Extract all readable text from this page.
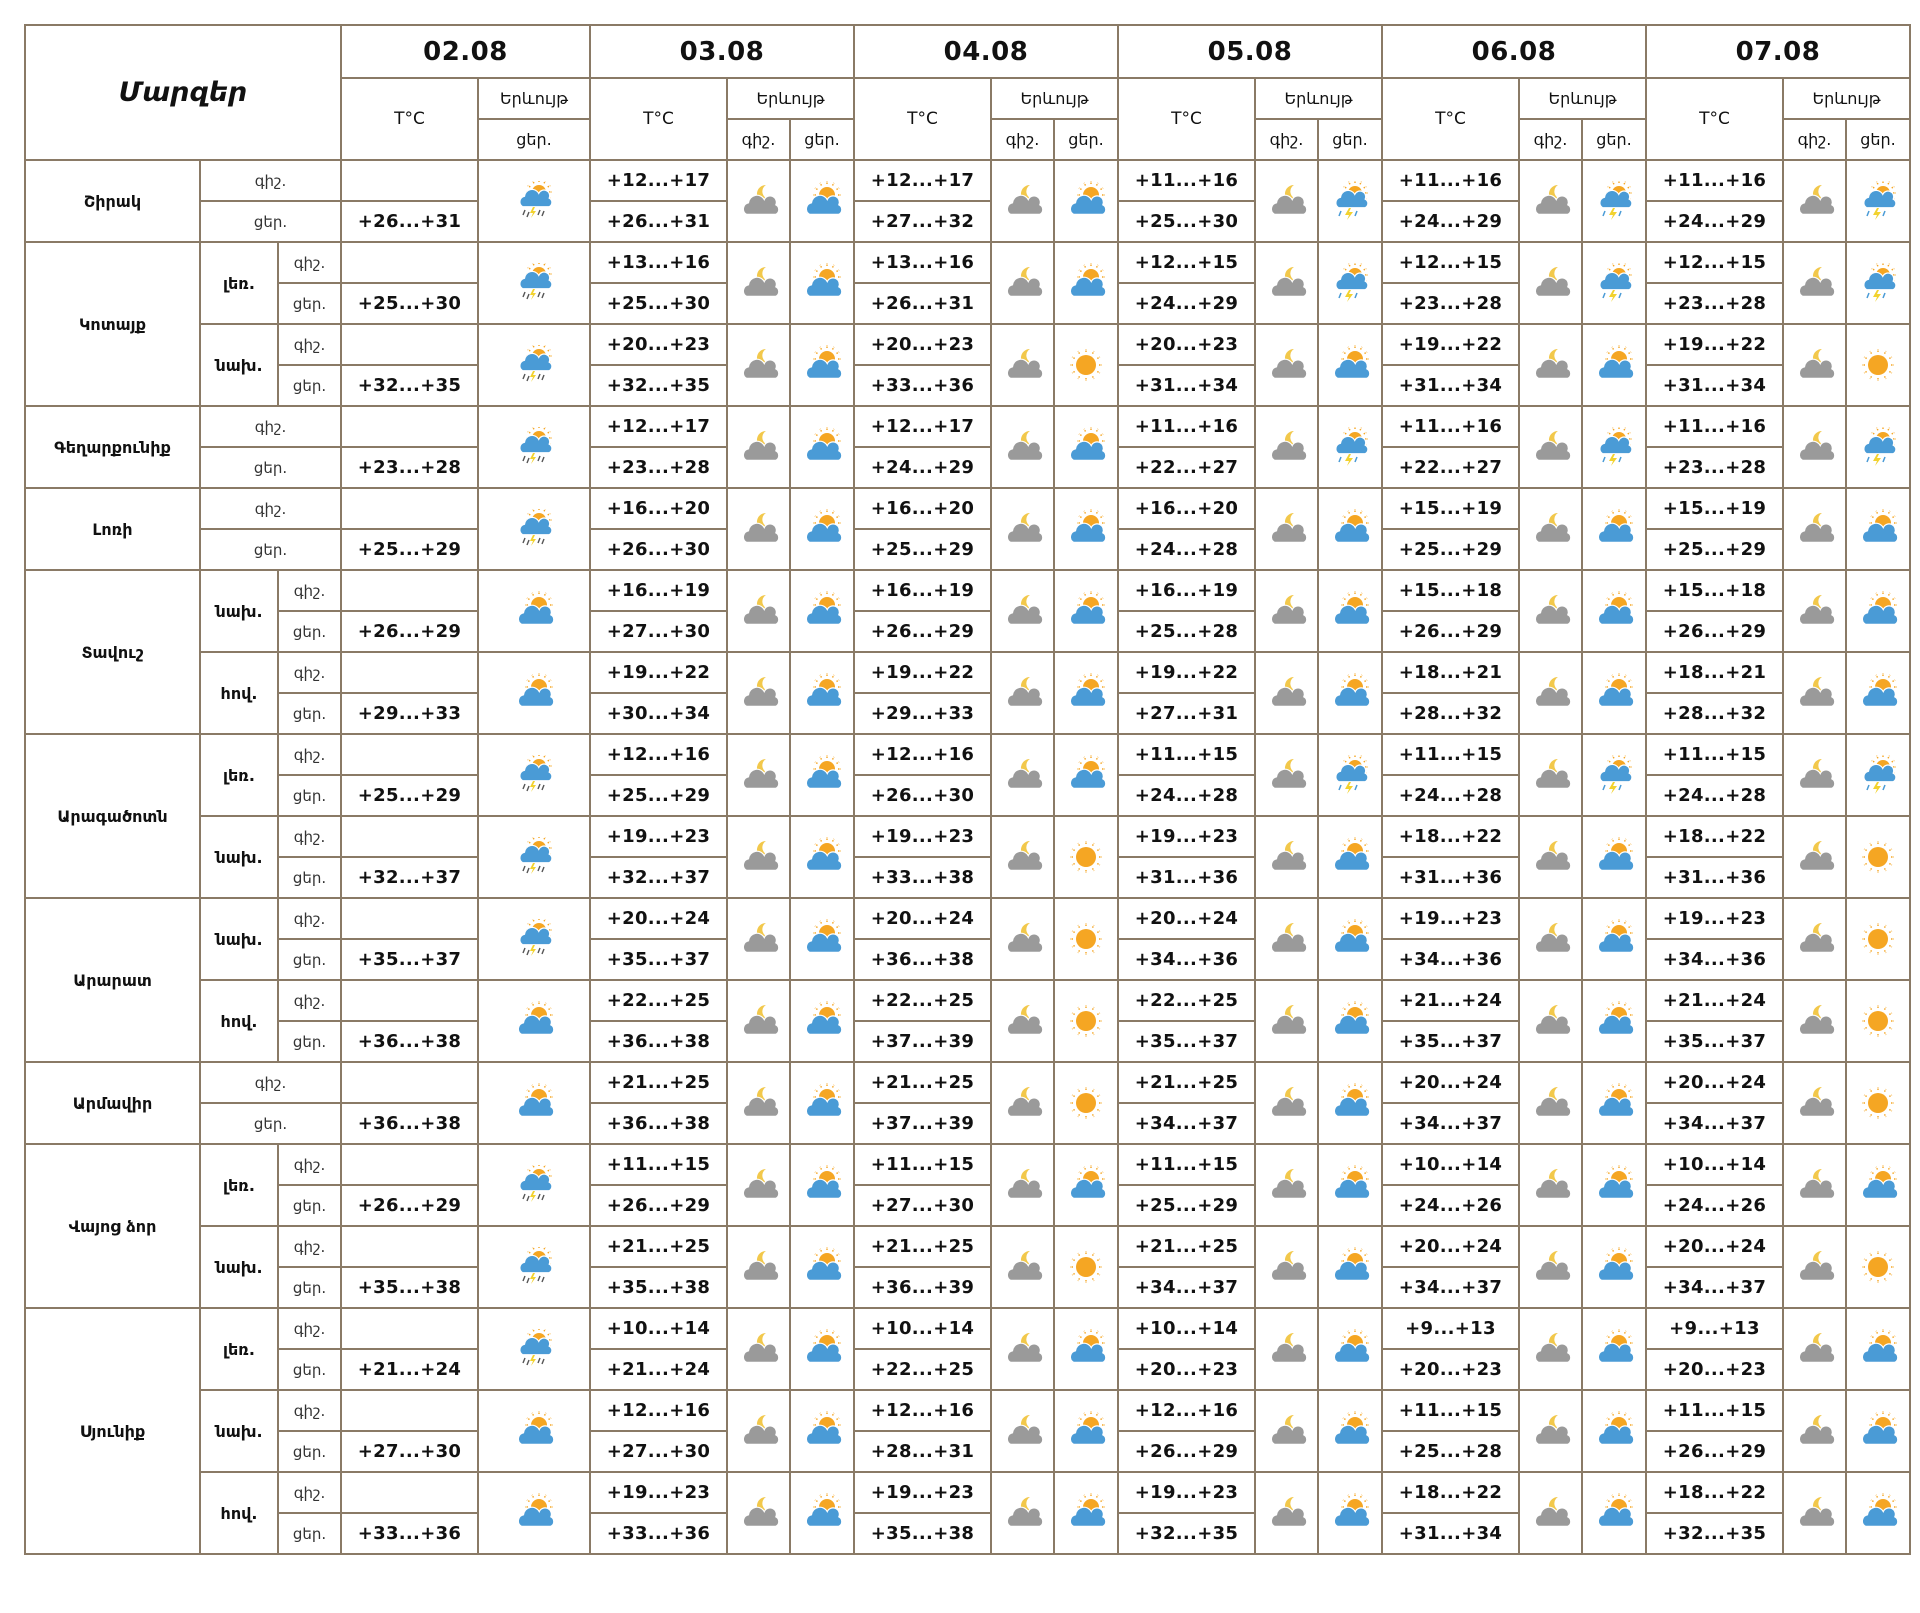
Մարզեր			02.08		03.08			04.08			05.08			06.08			07.08		
			T°C	Երևույթ	T°C	Երևույթ		T°C	Երևույթ		T°C	Երևույթ		T°C	Երևույթ		T°C	Երևույթ	
				ցեր.		գիշ.	ցեր.		գիշ.	ցեր.		գիշ.	ցեր.		գիշ.	ցեր.		գիշ.	ցեր.
Շիրակ	գիշ.				+12...+17			+12...+17			+11...+16			+11...+16			+11...+16	

	ցեր.		+26...+31		+26...+31			+27...+32			+25...+30			+24...+29			+24...+29		
Կոտայք	լեռ.	գիշ.			+13...+16			+13...+16			+12...+15			+12...+15			+12...+15	

		ցեր.	+25...+30		+25...+30			+26...+31			+24...+29			+23...+28			+23...+28		
	նախ.	գիշ.			+20...+23			+20...+23			+20...+23			+19...+22			+19...+22	

		ցեր.	+32...+35		+32...+35			+33...+36			+31...+34			+31...+34			+31...+34		
Գեղարքունիք	գիշ.				+12...+17			+12...+17			+11...+16			+11...+16			+11...+16	

	ցեր.		+23...+28		+23...+28			+24...+29			+22...+27			+22...+27			+23...+28		
Լոռի	գիշ.				+16...+20			+16...+20			+16...+20			+15...+19			+15...+19	

	ցեր.		+25...+29		+26...+30			+25...+29			+24...+28			+25...+29			+25...+29		
Տավուշ	նախ.	գիշ.			+16...+19			+16...+19			+16...+19			+15...+18			+15...+18	

		ցեր.	+26...+29		+27...+30			+26...+29			+25...+28			+26...+29			+26...+29		
	հով.	գիշ.			+19...+22			+19...+22			+19...+22			+18...+21			+18...+21	

		ցեր.	+29...+33		+30...+34			+29...+33			+27...+31			+28...+32			+28...+32		
Արագածոտն	լեռ.	գիշ.			+12...+16			+12...+16			+11...+15			+11...+15			+11...+15	

		ցեր.	+25...+29		+25...+29			+26...+30			+24...+28			+24...+28			+24...+28		
	նախ.	գիշ.			+19...+23			+19...+23			+19...+23			+18...+22			+18...+22	

		ցեր.	+32...+37		+32...+37			+33...+38			+31...+36			+31...+36			+31...+36		
Արարատ	նախ.	գիշ.			+20...+24			+20...+24			+20...+24			+19...+23			+19...+23	

		ցեր.	+35...+37		+35...+37			+36...+38			+34...+36			+34...+36			+34...+36		
	հով.	գիշ.			+22...+25			+22...+25			+22...+25			+21...+24			+21...+24	

		ցեր.	+36...+38		+36...+38			+37...+39			+35...+37			+35...+37			+35...+37		
Արմավիր	գիշ.				+21...+25			+21...+25			+21...+25			+20...+24			+20...+24	

	ցեր.		+36...+38		+36...+38			+37...+39			+34...+37			+34...+37			+34...+37		
Վայոց ձոր	լեռ.	գիշ.			+11...+15			+11...+15			+11...+15			+10...+14			+10...+14	

		ցեր.	+26...+29		+26...+29			+27...+30			+25...+29			+24...+26			+24...+26		
	նախ.	գիշ.			+21...+25			+21...+25			+21...+25			+20...+24			+20...+24	

		ցեր.	+35...+38		+35...+38			+36...+39			+34...+37			+34...+37			+34...+37		
Սյունիք	լեռ.	գիշ.			+10...+14			+10...+14			+10...+14			+9...+13			+9...+13	

		ցեր.	+21...+24		+21...+24			+22...+25			+20...+23			+20...+23			+20...+23		
	նախ.	գիշ.			+12...+16			+12...+16			+12...+16			+11...+15			+11...+15	

		ցեր.	+27...+30		+27...+30			+28...+31			+26...+29			+25...+28			+26...+29		
	հով.	գիշ.			+19...+23			+19...+23			+19...+23			+18...+22			+18...+22	

		ցեր.	+33...+36		+33...+36			+35...+38			+32...+35			+31...+34			+32...+35		
